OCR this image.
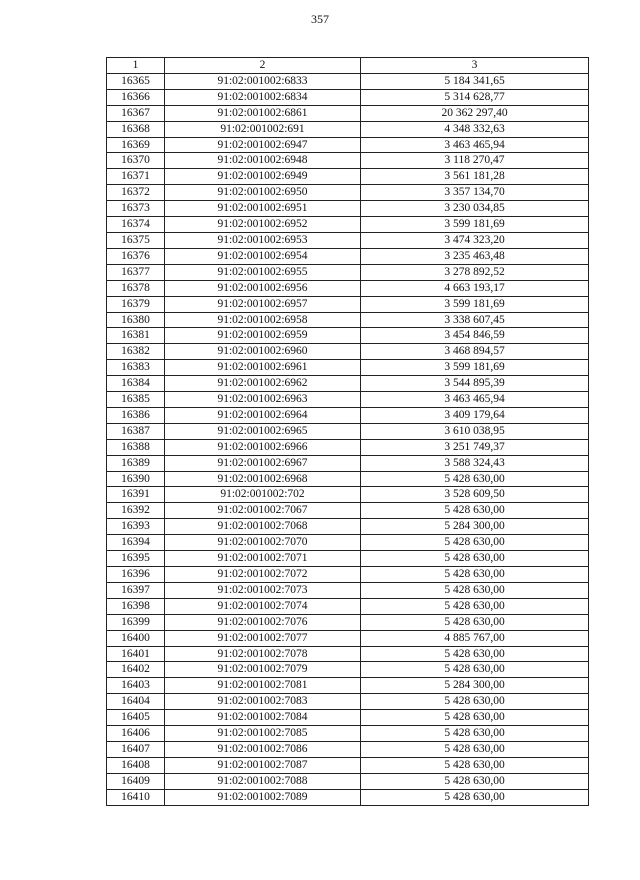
357
1	2	3
16365	91:02:001002:6833	5 184 341,65
16366	91:02:001002:6834	5 314 628,77
16367	91:02:001002:6861	20 362 297,40
16368	91:02:001002:691	4 348 332,63
16369	91:02:001002:6947	3 463 465,94
16370	91:02:001002:6948	3 118 270,47
16371	91:02:001002:6949	3 561 181,28
16372	91:02:001002:6950	3 357 134,70
16373	91:02:001002:6951	3 230 034,85
16374	91:02:001002:6952	3 599 181,69
16375	91:02:001002:6953	3 474 323,20
16376	91:02:001002:6954	3 235 463,48
16377	91:02:001002:6955	3 278 892,52
16378	91:02:001002:6956	4 663 193,17
16379	91:02:001002:6957	3 599 181,69
16380	91:02:001002:6958	3 338 607,45
16381	91:02:001002:6959	3 454 846,59
16382	91:02:001002:6960	3 468 894,57
16383	91:02:001002:6961	3 599 181,69
16384	91:02:001002:6962	3 544 895,39
16385	91:02:001002:6963	3 463 465,94
16386	91:02:001002:6964	3 409 179,64
16387	91:02:001002:6965	3 610 038,95
16388	91:02:001002:6966	3 251 749,37
16389	91:02:001002:6967	3 588 324,43
16390	91:02:001002:6968	5 428 630,00
16391	91:02:001002:702	3 528 609,50
16392	91:02:001002:7067	5 428 630,00
16393	91:02:001002:7068	5 284 300,00
16394	91:02:001002:7070	5 428 630,00
16395	91:02:001002:7071	5 428 630,00
16396	91:02:001002:7072	5 428 630,00
16397	91:02:001002:7073	5 428 630,00
16398	91:02:001002:7074	5 428 630,00
16399	91:02:001002:7076	5 428 630,00
16400	91:02:001002:7077	4 885 767,00
16401	91:02:001002:7078	5 428 630,00
16402	91:02:001002:7079	5 428 630,00
16403	91:02:001002:7081	5 284 300,00
16404	91:02:001002:7083	5 428 630,00
16405	91:02:001002:7084	5 428 630,00
16406	91:02:001002:7085	5 428 630,00
16407	91:02:001002:7086	5 428 630,00
16408	91:02:001002:7087	5 428 630,00
16409	91:02:001002:7088	5 428 630,00
16410	91:02:001002:7089	5 428 630,00
